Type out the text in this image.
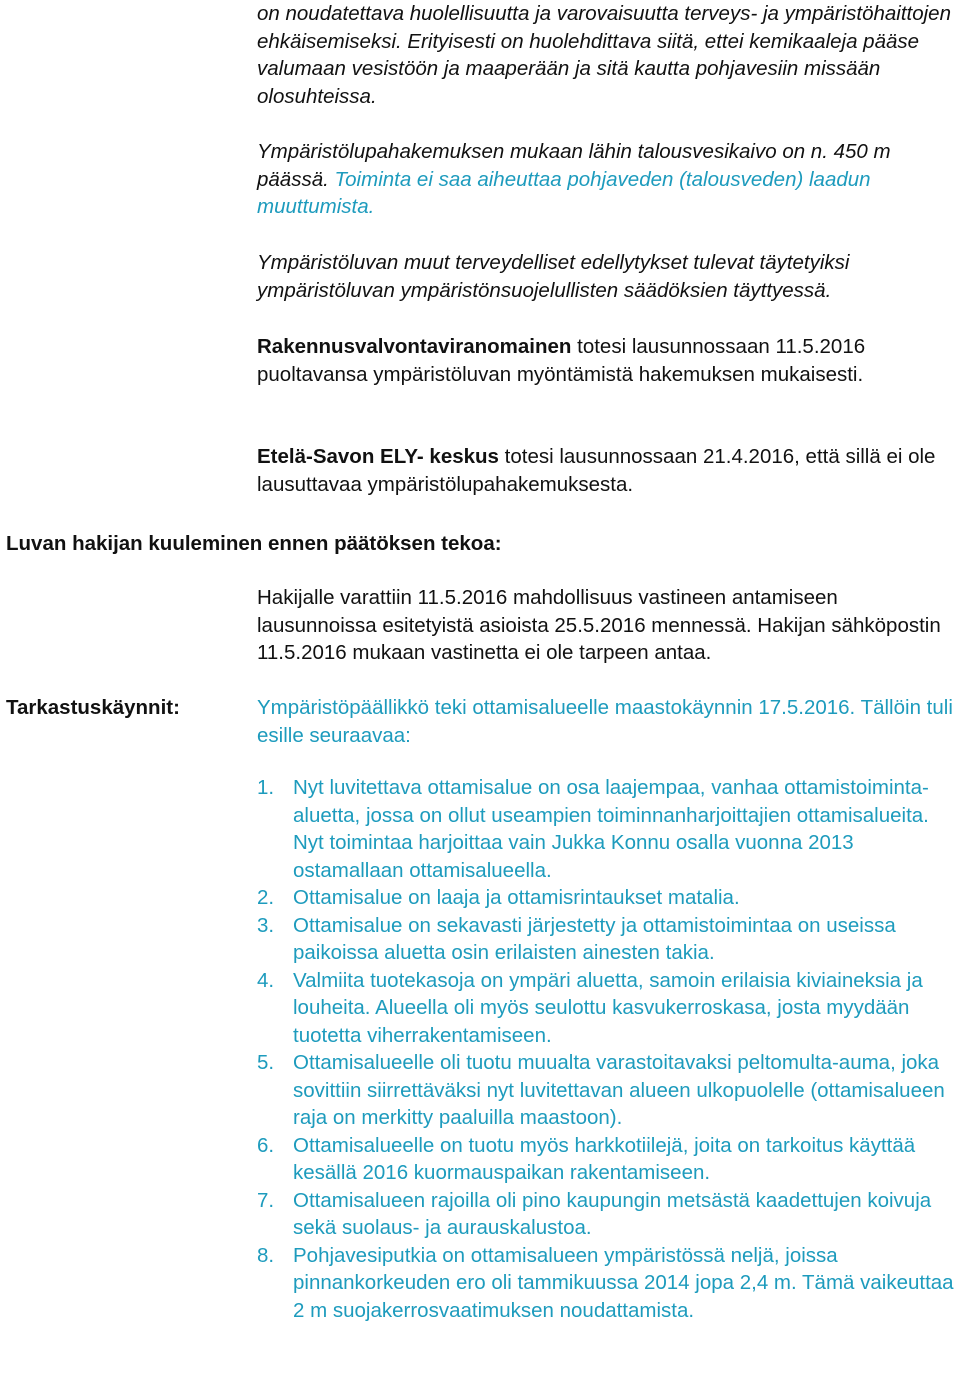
on noudatettava huolellisuutta ja varovaisuutta terveys- ja ympäristöhaittojen ehkäisemiseksi. Erityisesti on huolehdittava siitä, ettei kemikaaleja pääse valumaan vesistöön ja maaperään ja sitä kautta pohjavesiin missään olosuhteissa.

Ympäristölupahakemuksen mukaan lähin talousvesikaivo on n. 450 m päässä. Toiminta ei saa aiheuttaa pohjaveden (talousveden) laadun muuttumista.

Ympäristöluvan muut terveydelliset edellytykset tulevat täytetyiksi ympäristöluvan ympäristönsuojelullisten säädöksien täyttyessä.

Rakennusvalvontaviranomainen totesi lausunnossaan 11.5.2016 puoltavansa ympäristöluvan myöntämistä hakemuksen mukaisesti.

Etelä-Savon ELY- keskus totesi lausunnossaan 21.4.2016, että sillä ei ole lausuttavaa ympäristölupahakemuksesta.

Luvan hakijan kuuleminen ennen päätöksen tekoa:

Hakijalle varattiin 11.5.2016 mahdollisuus vastineen antamiseen lausunnoissa esitetyistä asioista 25.5.2016 mennessä. Hakijan sähköpostin 11.5.2016 mukaan vastinetta ei ole tarpeen antaa.

Tarkastuskäynnit:	Ympäristöpäällikkö teki ottamisalueelle maastokäynnin 17.5.2016. Tällöin tuli esille seuraavaa:

1. Nyt luvitettava ottamisalue on osa laajempaa, vanhaa ottamistoiminta-aluetta, jossa on ollut useampien toiminnanharjoittajien ottamisalueita. Nyt toimintaa harjoittaa vain Jukka Konnu osalla vuonna 2013 ostamallaan ottamisalueella.
2. Ottamisalue on laaja ja ottamisrintaukset matalia.
3. Ottamisalue on sekavasti järjestetty ja ottamistoimintaa on useissa paikoissa aluetta osin erilaisten ainesten takia.
4. Valmiita tuotekasoja on ympäri aluetta, samoin erilaisia kiviaineksia ja louheita. Alueella oli myös seulottu kasvukerroskasa, josta myydään tuotetta viherrakentamiseen.
5. Ottamisalueelle oli tuotu muualta varastoitavaksi peltomulta-auma, joka sovittiin siirrettäväksi nyt luvitettavan alueen ulkopuolelle (ottamisalueen raja on merkitty paaluilla maastoon).
6. Ottamisalueelle on tuotu myös harkkotiilejä, joita on tarkoitus käyttää kesällä 2016 kuormauspaikan rakentamiseen.
7. Ottamisalueen rajoilla oli pino kaupungin metsästä kaadettujen koivuja sekä suolaus- ja aurauskalustoa.
8. Pohjavesiputkia on ottamisalueen ympäristössä neljä, joissa pinnankorkeuden ero oli tammikuussa 2014 jopa 2,4 m. Tämä vaikeuttaa 2 m suojakerrosvaatimuksen noudattamista.
